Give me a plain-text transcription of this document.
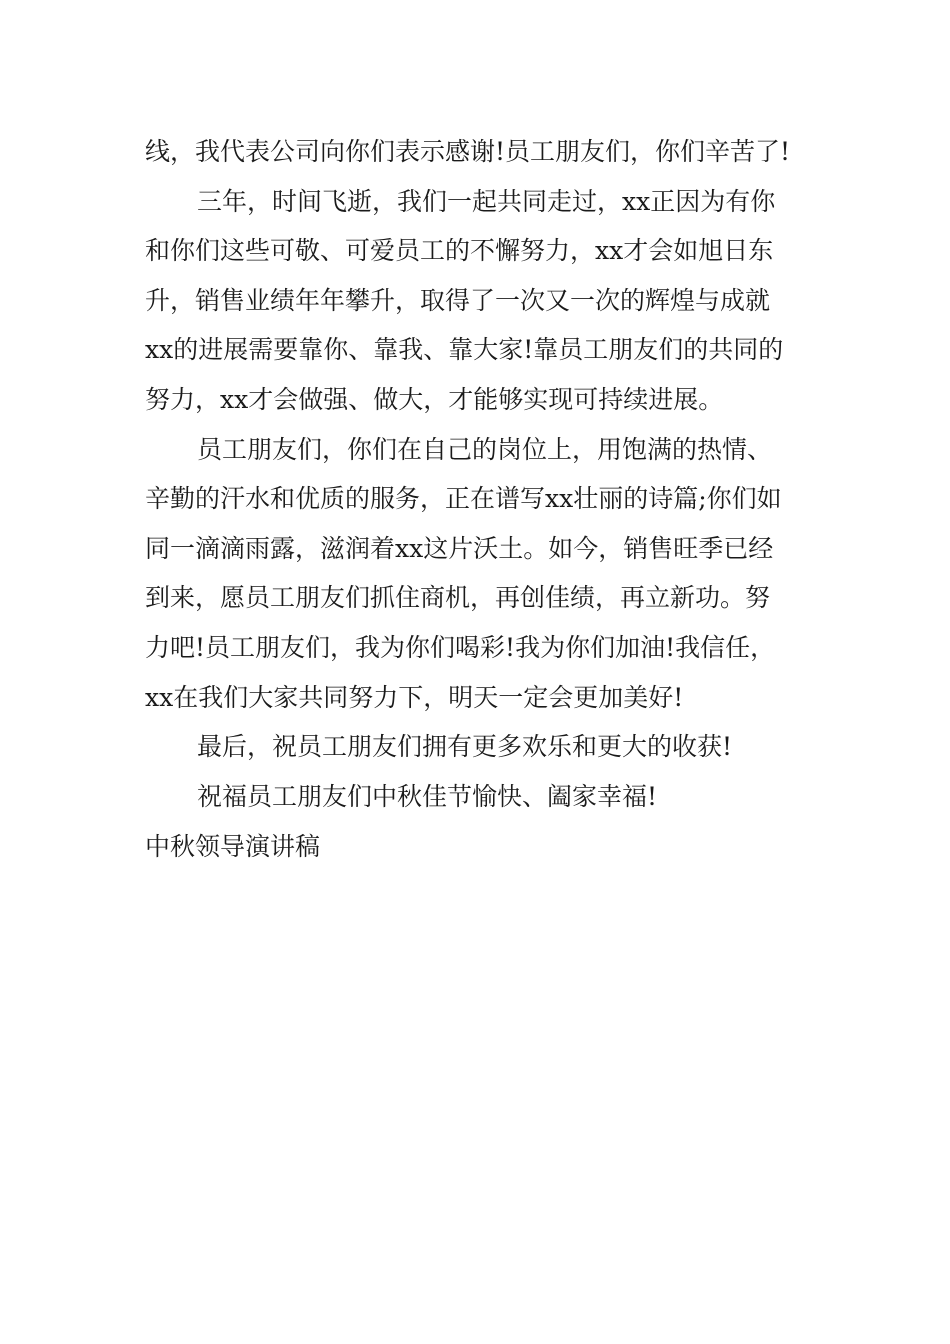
线，我代表公司向你们表示感谢!员工朋友们，你们辛苦了!
三年，时间飞逝，我们一起共同走过，xx正因为有你
和你们这些可敬、可爱员工的不懈努力，xx才会如旭日东
升，销售业绩年年攀升，取得了一次又一次的辉煌与成就
xx的进展需要靠你、靠我、靠大家!靠员工朋友们的共同的
努力，xx才会做强、做大，才能够实现可持续进展。
员工朋友们，你们在自己的岗位上，用饱满的热情、
辛勤的汗水和优质的服务，正在谱写xx壮丽的诗篇;你们如
同一滴滴雨露，滋润着xx这片沃土。如今，销售旺季已经
到来，愿员工朋友们抓住商机，再创佳绩，再立新功。努
力吧!员工朋友们，我为你们喝彩!我为你们加油!我信任，
xx在我们大家共同努力下，明天一定会更加美好!
最后，祝员工朋友们拥有更多欢乐和更大的收获!
祝福员工朋友们中秋佳节愉快、阖家幸福!
中秋领导演讲稿
